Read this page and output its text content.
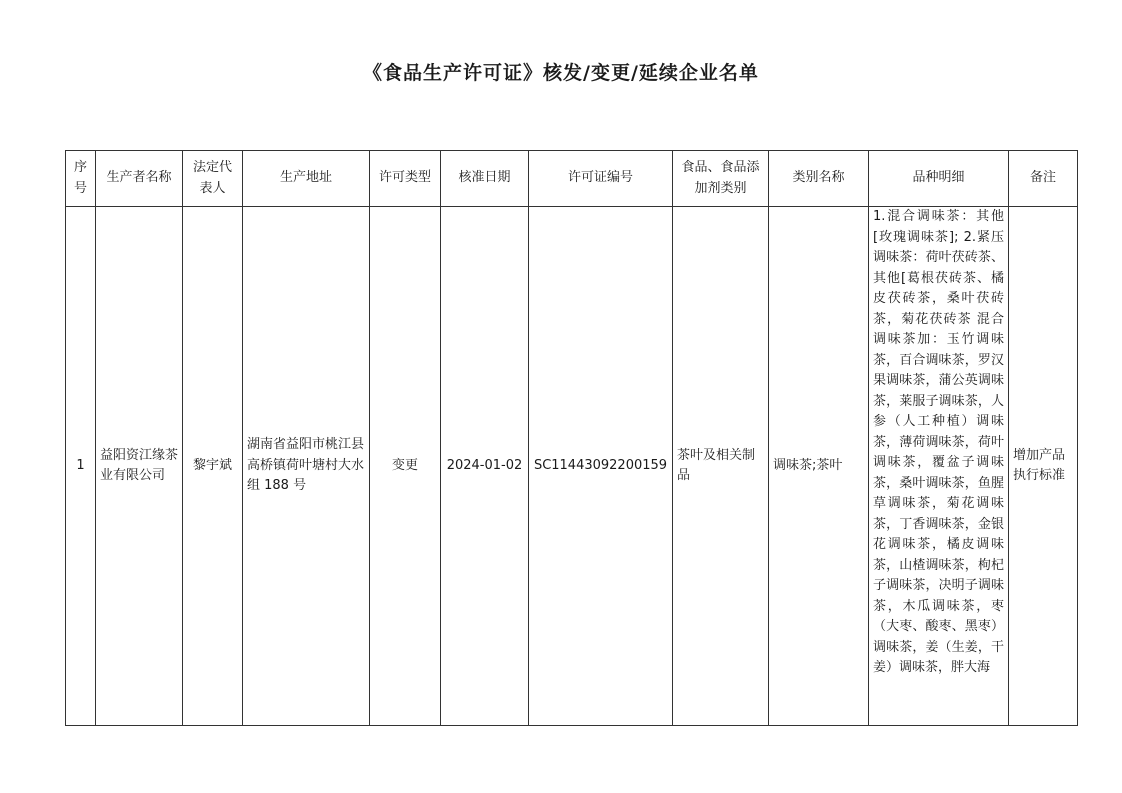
《食品生产许可证》核发/变更/延续企业名单
序号	生产者名称	法定代表人	生产地址	许可类型	核准日期	许可证编号	食品、食品添加剂类别	类别名称	品种明细	备注
1	益阳资江缘茶业有限公司	黎宇斌	湖南省益阳市桃江县高桥镇荷叶塘村大水组 188 号	变更	2024-01-02	SC11443092200159	茶叶及相关制品	调味茶;茶叶	1.混合调味茶：其他[玫瑰调味茶]; 2.紧压调味茶：荷叶茯砖茶、其他[葛根茯砖茶、橘皮茯砖茶，桑叶茯砖茶，菊花茯砖茶 混合调味茶加：玉竹调味茶，百合调味茶，罗汉果调味茶，蒲公英调味茶，莱服子调味茶，人参（人工种植）调味茶，薄荷调味茶，荷叶调味茶，覆盆子调味茶，桑叶调味茶，鱼腥草调味茶，菊花调味茶，丁香调味茶，金银花调味茶，橘皮调味茶，山楂调味茶，枸杞子调味茶，决明子调味茶，木瓜调味茶，枣（大枣、酸枣、黑枣）调味茶，姜（生姜，干姜）调味茶，胖大海	增加产品执行标准
